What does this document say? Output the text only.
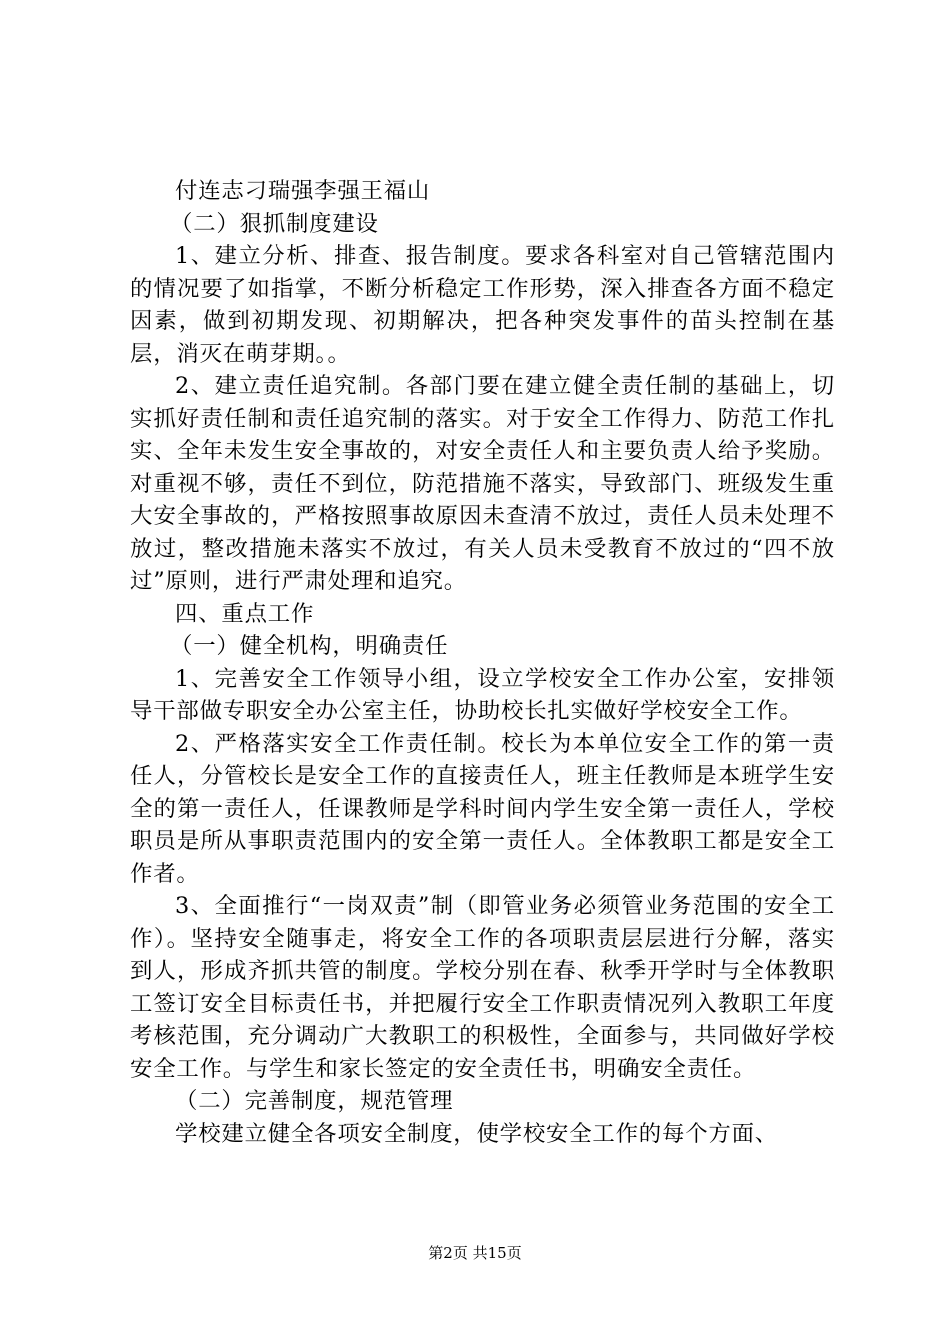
付连志刁瑞强李强王福山

（二）狠抓制度建设

1、建立分析、排查、报告制度。要求各科室对自己管辖范围内的情况要了如指掌，不断分析稳定工作形势，深入排查各方面不稳定因素，做到初期发现、初期解决，把各种突发事件的苗头控制在基层，消灭在萌芽期。。

2、建立责任追究制。各部门要在建立健全责任制的基础上，切实抓好责任制和责任追究制的落实。对于安全工作得力、防范工作扎实、全年未发生安全事故的，对安全责任人和主要负责人给予奖励。对重视不够，责任不到位，防范措施不落实，导致部门、班级发生重大安全事故的，严格按照事故原因未查清不放过，责任人员未处理不放过，整改措施未落实不放过，有关人员未受教育不放过的“四不放过”原则，进行严肃处理和追究。

四、重点工作

（一）健全机构，明确责任

1、完善安全工作领导小组，设立学校安全工作办公室，安排领导干部做专职安全办公室主任，协助校长扎实做好学校安全工作。

2、严格落实安全工作责任制。校长为本单位安全工作的第一责任人，分管校长是安全工作的直接责任人，班主任教师是本班学生安全的第一责任人，任课教师是学科时间内学生安全第一责任人，学校职员是所从事职责范围内的安全第一责任人。全体教职工都是安全工作者。

3、全面推行“一岗双责”制（即管业务必须管业务范围的安全工作）。坚持安全随事走，将安全工作的各项职责层层进行分解，落实到人，形成齐抓共管的制度。学校分别在春、秋季开学时与全体教职工签订安全目标责任书，并把履行安全工作职责情况列入教职工年度考核范围，充分调动广大教职工的积极性，全面参与，共同做好学校安全工作。与学生和家长签定的安全责任书，明确安全责任。

（二）完善制度，规范管理

学校建立健全各项安全制度，使学校安全工作的每个方面、

第2页 共15页
